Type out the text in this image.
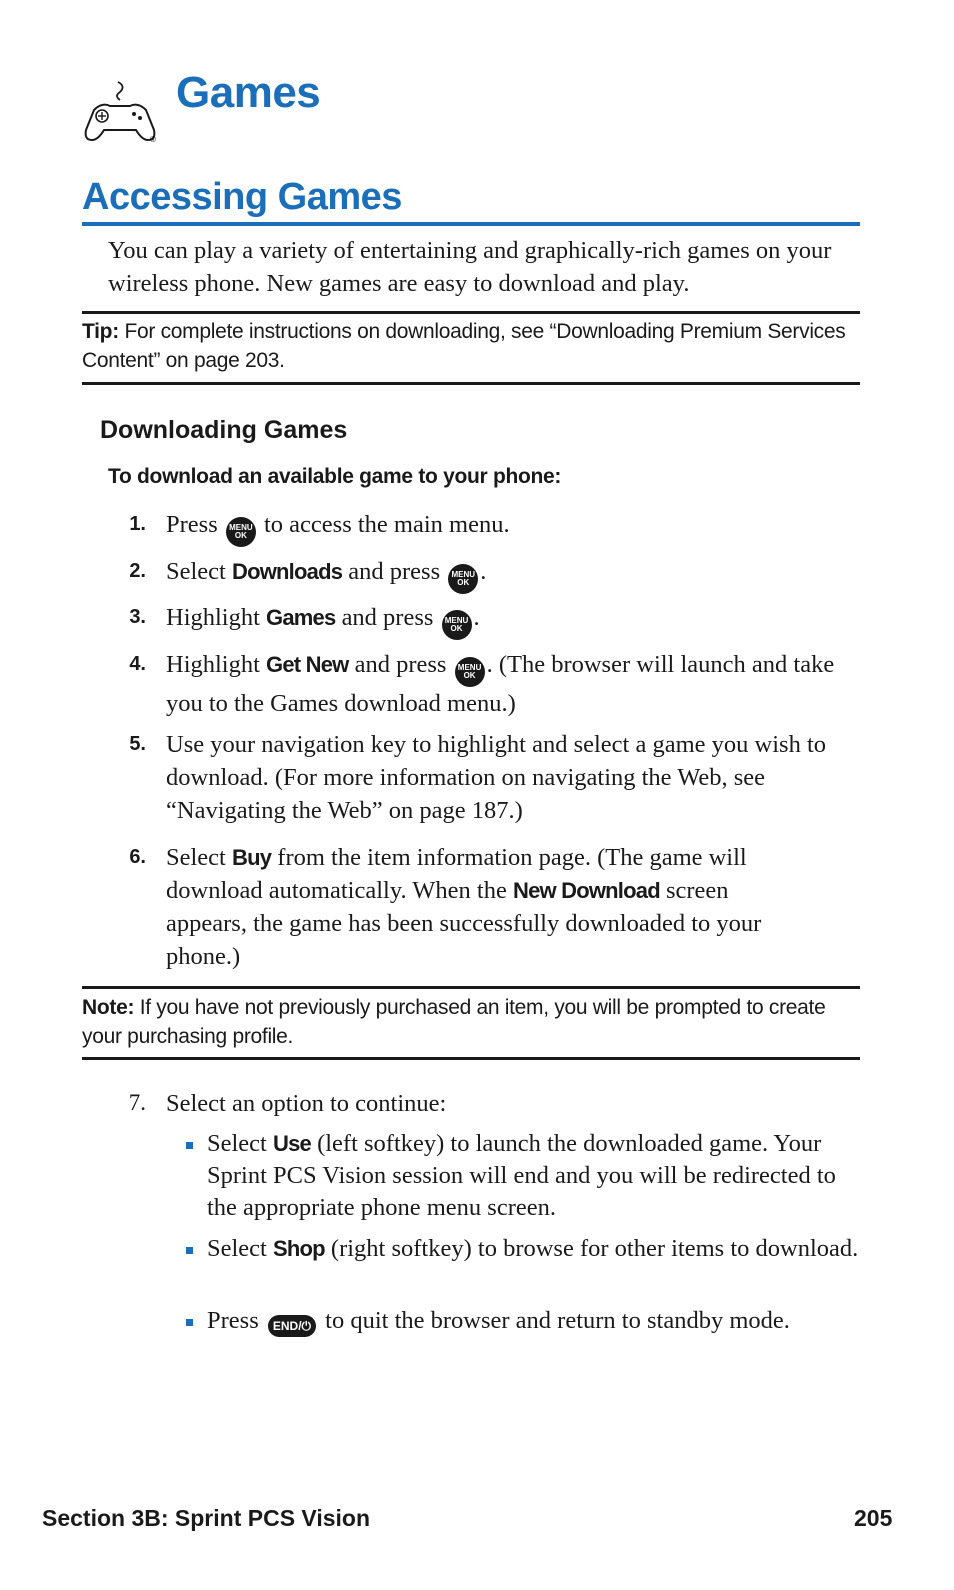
®
Games
Accessing Games
You can play a variety of entertaining and graphically-rich games on your wireless phone. New games are easy to download and play.
Tip: For complete instructions on downloading, see “Downloading Premium Services Content” on page 203.
Downloading Games
To download an available game to your phone:
1. Press MENU
OK to access the main menu.
2. Select Downloads and press MENU
OK .
3. Highlight Games and press MENU
OK .
4. Highlight Get New and press MENU
OK . (The browser will launch and take you to the Games download menu.)
5. Use your navigation key to highlight and select a game you wish to download. (For more information on navigating the Web, see “Navigating the Web” on page 187.)
6. Select Buy from the item information page. (The game will download automatically. When the New Download screen appears, the game has been successfully downloaded to your phone.)
Note: If you have not previously purchased an item, you will be prompted to create your purchasing profile.
7. Select an option to continue:
Select Use (left softkey) to launch the downloaded game. Your Sprint PCS Vision session will end and you will be redirected to the appropriate phone menu screen.
Select Shop (right softkey) to browse for other items to download.
Press END/⏻ to quit the browser and return to standby mode.
Section 3B: Sprint PCS Vision	205
